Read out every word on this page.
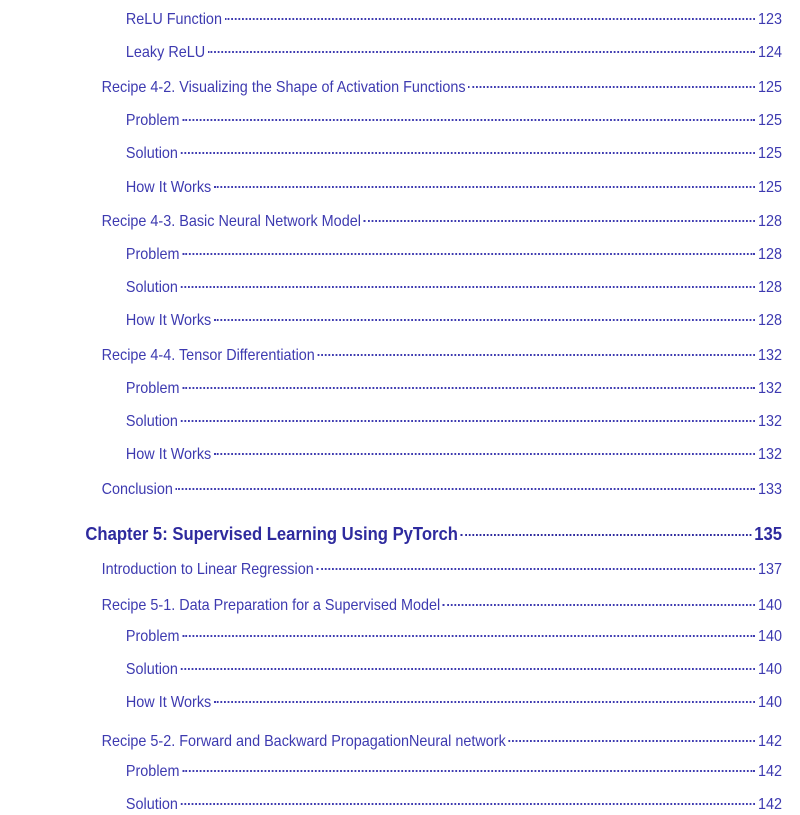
ReLU Function	123
Leaky ReLU	124
Recipe 4-2. Visualizing the Shape of Activation Functions	125
Problem	125
Solution	125
How It Works	125
Recipe 4-3. Basic Neural Network Model	128
Problem	128
Solution	128
How It Works	128
Recipe 4-4. Tensor Differentiation	132
Problem	132
Solution	132
How It Works	132
Conclusion	133
Chapter 5: Supervised Learning Using PyTorch	135
Introduction to Linear Regression	137
Recipe 5-1. Data Preparation for a Supervised Model	140
Problem	140
Solution	140
How It Works	140
Recipe 5-2. Forward and Backward PropagationNeural network	142
Problem	142
Solution	142
